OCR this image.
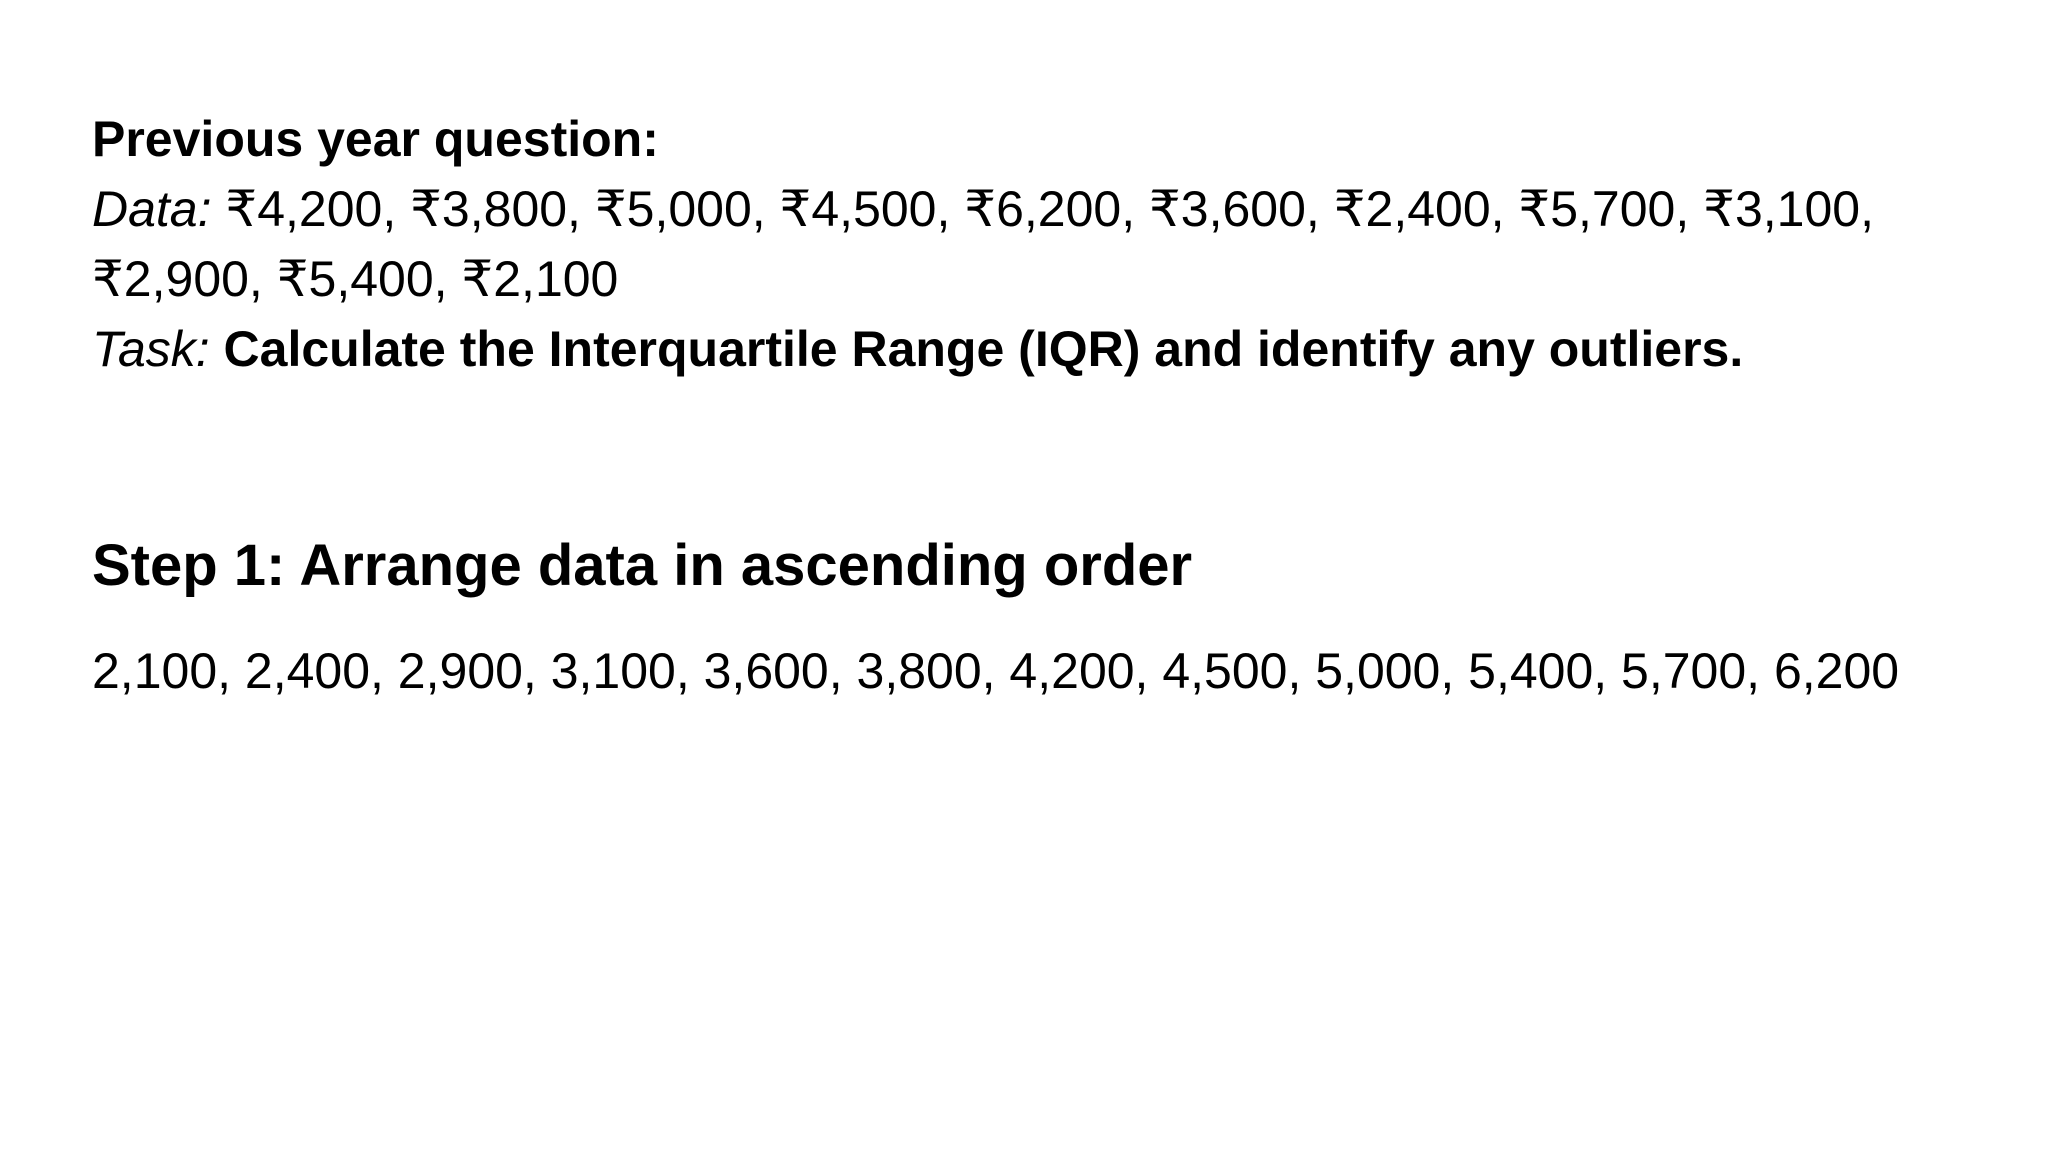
Previous year question:
Data: ₹4,200, ₹3,800, ₹5,000, ₹4,500, ₹6,200, ₹3,600, ₹2,400, ₹5,700, ₹3,100,
₹2,900, ₹5,400, ₹2,100
Task: Calculate the Interquartile Range (IQR) and identify any outliers.
Step 1: Arrange data in ascending order
2,100, 2,400, 2,900, 3,100, 3,600, 3,800, 4,200, 4,500, 5,000, 5,400, 5,700, 6,200
